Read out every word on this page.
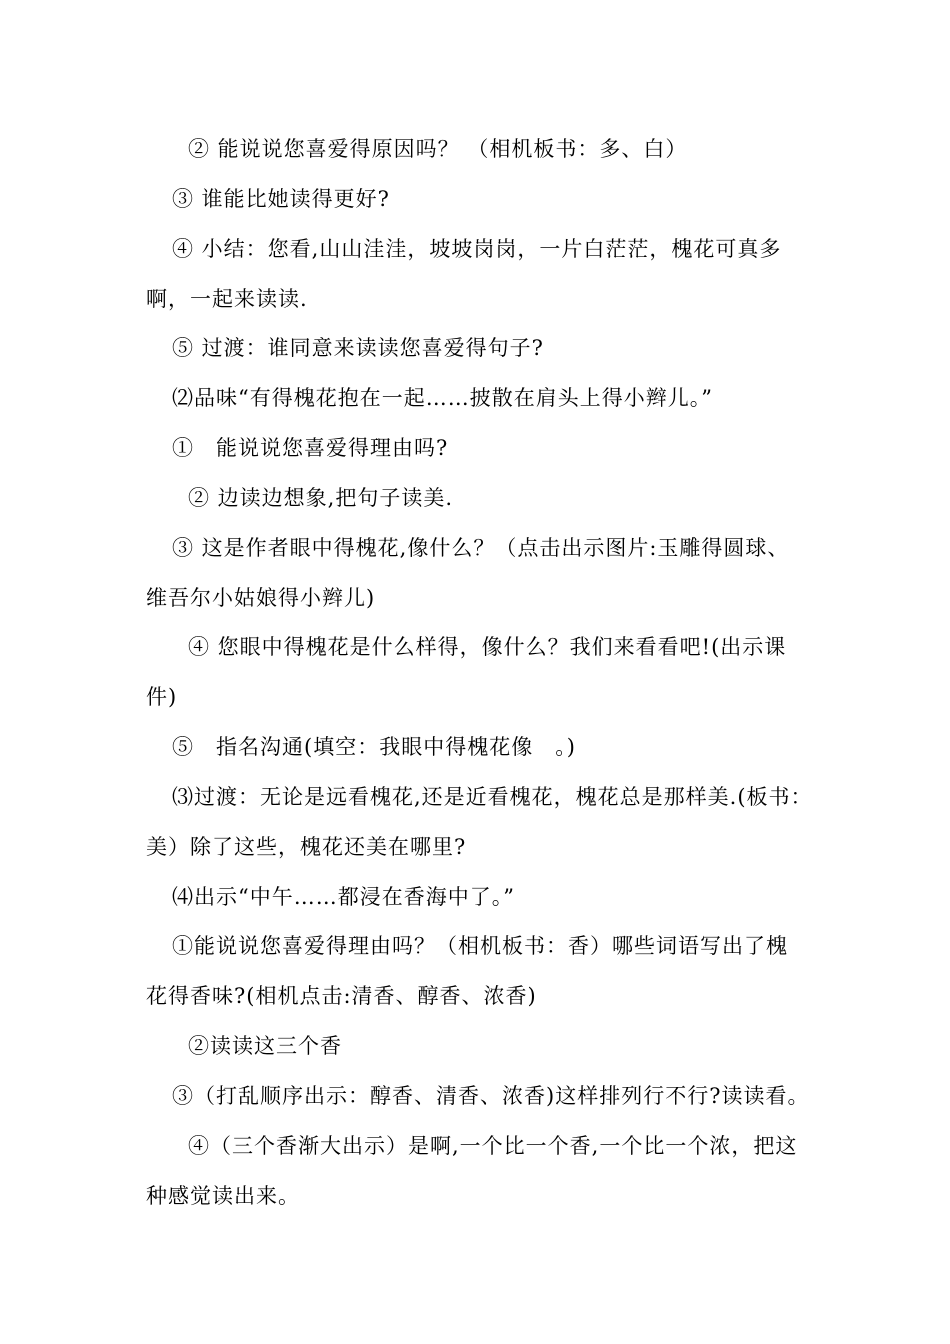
② 能说说您喜爱得原因吗？ （相机板书：多、白）
③ 谁能比她读得更好?
④ 小结：您看,山山洼洼，坡坡岗岗，一片白茫茫，槐花可真多
啊，一起来读读.
⑤ 过渡：谁同意来读读您喜爱得句子?
⑵品味“有得槐花抱在一起……披散在肩头上得小辫儿。”
①　能说说您喜爱得理由吗?
② 边读边想象,把句子读美.
③ 这是作者眼中得槐花,像什么？（点击出示图片:玉雕得圆球、
维吾尔小姑娘得小辫儿)
④ 您眼中得槐花是什么样得，像什么？我们来看看吧!(出示课
件)
⑤　指名沟通(填空：我眼中得槐花像　。)
⑶过渡：无论是远看槐花,还是近看槐花，槐花总是那样美.(板书：
美）除了这些，槐花还美在哪里?
⑷出示“中午……都浸在香海中了。”
①能说说您喜爱得理由吗？（相机板书：香）哪些词语写出了槐
花得香味?(相机点击:清香、醇香、浓香)
②读读这三个香
③（打乱顺序出示：醇香、清香、浓香)这样排列行不行?读读看。
④（三个香渐大出示）是啊,一个比一个香,一个比一个浓，把这
种感觉读出来。
